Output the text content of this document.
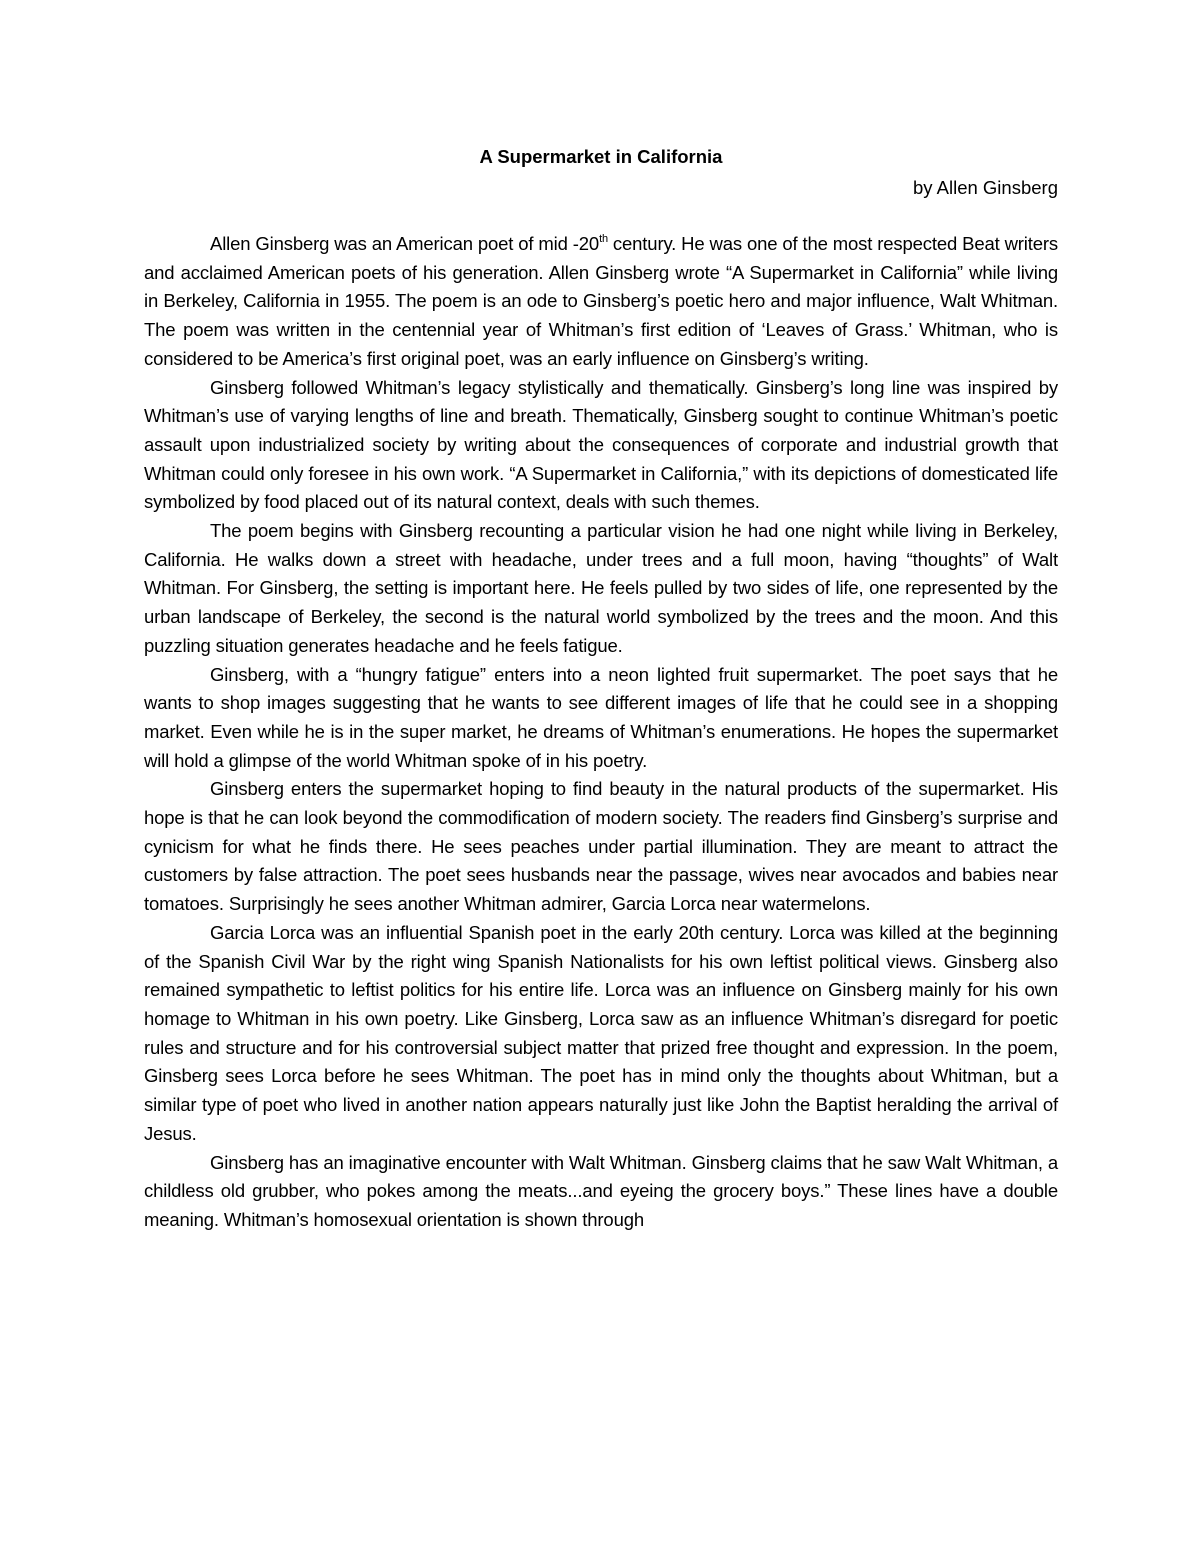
A Supermarket in California

by Allen Ginsberg

Allen Ginsberg was an American poet of mid -20th century. He was one of the most respected Beat writers and acclaimed American poets of his generation. Allen Ginsberg wrote “A Supermarket in California” while living in Berkeley, California in 1955. The poem is an ode to Ginsberg’s poetic hero and major influence, Walt Whitman. The poem was written in the centennial year of Whitman’s first edition of ‘Leaves of Grass.’ Whitman, who is considered to be America’s first original poet, was an early influence on Ginsberg’s writing.

Ginsberg followed Whitman’s legacy stylistically and thematically. Ginsberg’s long line was inspired by Whitman’s use of varying lengths of line and breath. Thematically, Ginsberg sought to continue Whitman’s poetic assault upon industrialized society by writing about the consequences of corporate and industrial growth that Whitman could only foresee in his own work. “A Supermarket in California,” with its depictions of domesticated life symbolized by food placed out of its natural context, deals with such themes.

The poem begins with Ginsberg recounting a particular vision he had one night while living in Berkeley, California. He walks down a street with headache, under trees and a full moon, having “thoughts” of Walt Whitman. For Ginsberg, the setting is important here. He feels pulled by two sides of life, one represented by the urban landscape of Berkeley, the second is the natural world symbolized by the trees and the moon. And this puzzling situation generates headache and he feels fatigue.

Ginsberg, with a “hungry fatigue” enters into a neon lighted fruit supermarket. The poet says that he wants to shop images suggesting that he wants to see different images of life that he could see in a shopping market. Even while he is in the super market, he dreams of Whitman’s enumerations. He hopes the supermarket will hold a glimpse of the world Whitman spoke of in his poetry.

Ginsberg enters the supermarket hoping to find beauty in the natural products of the supermarket. His hope is that he can look beyond the commodification of modern society. The readers find Ginsberg’s surprise and cynicism for what he finds there. He sees peaches under partial illumination. They are meant to attract the customers by false attraction. The poet sees husbands near the passage, wives near avocados and babies near tomatoes. Surprisingly he sees another Whitman admirer, Garcia Lorca near watermelons.

Garcia Lorca was an influential Spanish poet in the early 20th century. Lorca was killed at the beginning of the Spanish Civil War by the right wing Spanish Nationalists for his own leftist political views. Ginsberg also remained sympathetic to leftist politics for his entire life. Lorca was an influence on Ginsberg mainly for his own homage to Whitman in his own poetry. Like Ginsberg, Lorca saw as an influence Whitman’s disregard for poetic rules and structure and for his controversial subject matter that prized free thought and expression. In the poem, Ginsberg sees Lorca before he sees Whitman. The poet has in mind only the thoughts about Whitman, but a similar type of poet who lived in another nation appears naturally just like John the Baptist heralding the arrival of Jesus.

Ginsberg has an imaginative encounter with Walt Whitman. Ginsberg claims that he saw Walt Whitman, a childless old grubber, who pokes among the meats...and eyeing the grocery boys.” These lines have a double meaning. Whitman’s homosexual orientation is shown through
